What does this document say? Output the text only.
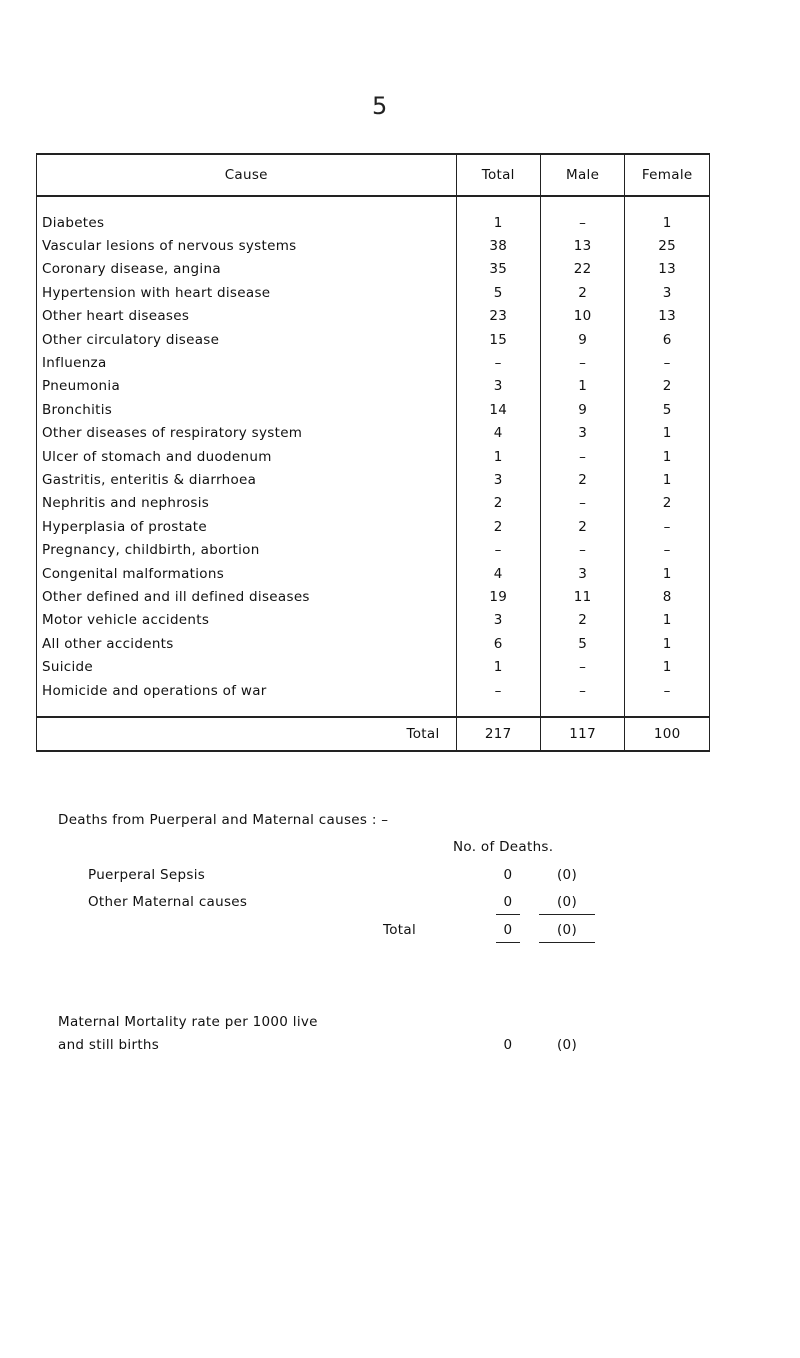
5
Cause	Total	Male	Female

Diabetes	1	–	1
Vascular lesions of nervous systems	38	13	25
Coronary disease, angina	35	22	13
Hypertension with heart disease	5	2	3
Other heart diseases	23	10	13
Other circulatory disease	15	9	6
Influenza	–	–	–
Pneumonia	3	1	2
Bronchitis	14	9	5
Other diseases of respiratory system	4	3	1
Ulcer of stomach and duodenum	1	–	1
Gastritis, enteritis & diarrhoea	3	2	1
Nephritis and nephrosis	2	–	2
Hyperplasia of prostate	2	2	–
Pregnancy, childbirth, abortion	–	–	–
Congenital malformations	4	3	1
Other defined and ill defined diseases	19	11	8
Motor vehicle accidents	3	2	1
All other accidents	6	5	1
Suicide	1	–	1
Homicide and operations of war	–	–	–

Total	217	117	100
Deaths from Puerperal and Maternal causes : –
No. of Deaths.
Puerperal Sepsis	0	(0)
Other Maternal causes	0	(0)
Total	0	(0)
Maternal Mortality rate per 1000 live
and still births	0	(0)
